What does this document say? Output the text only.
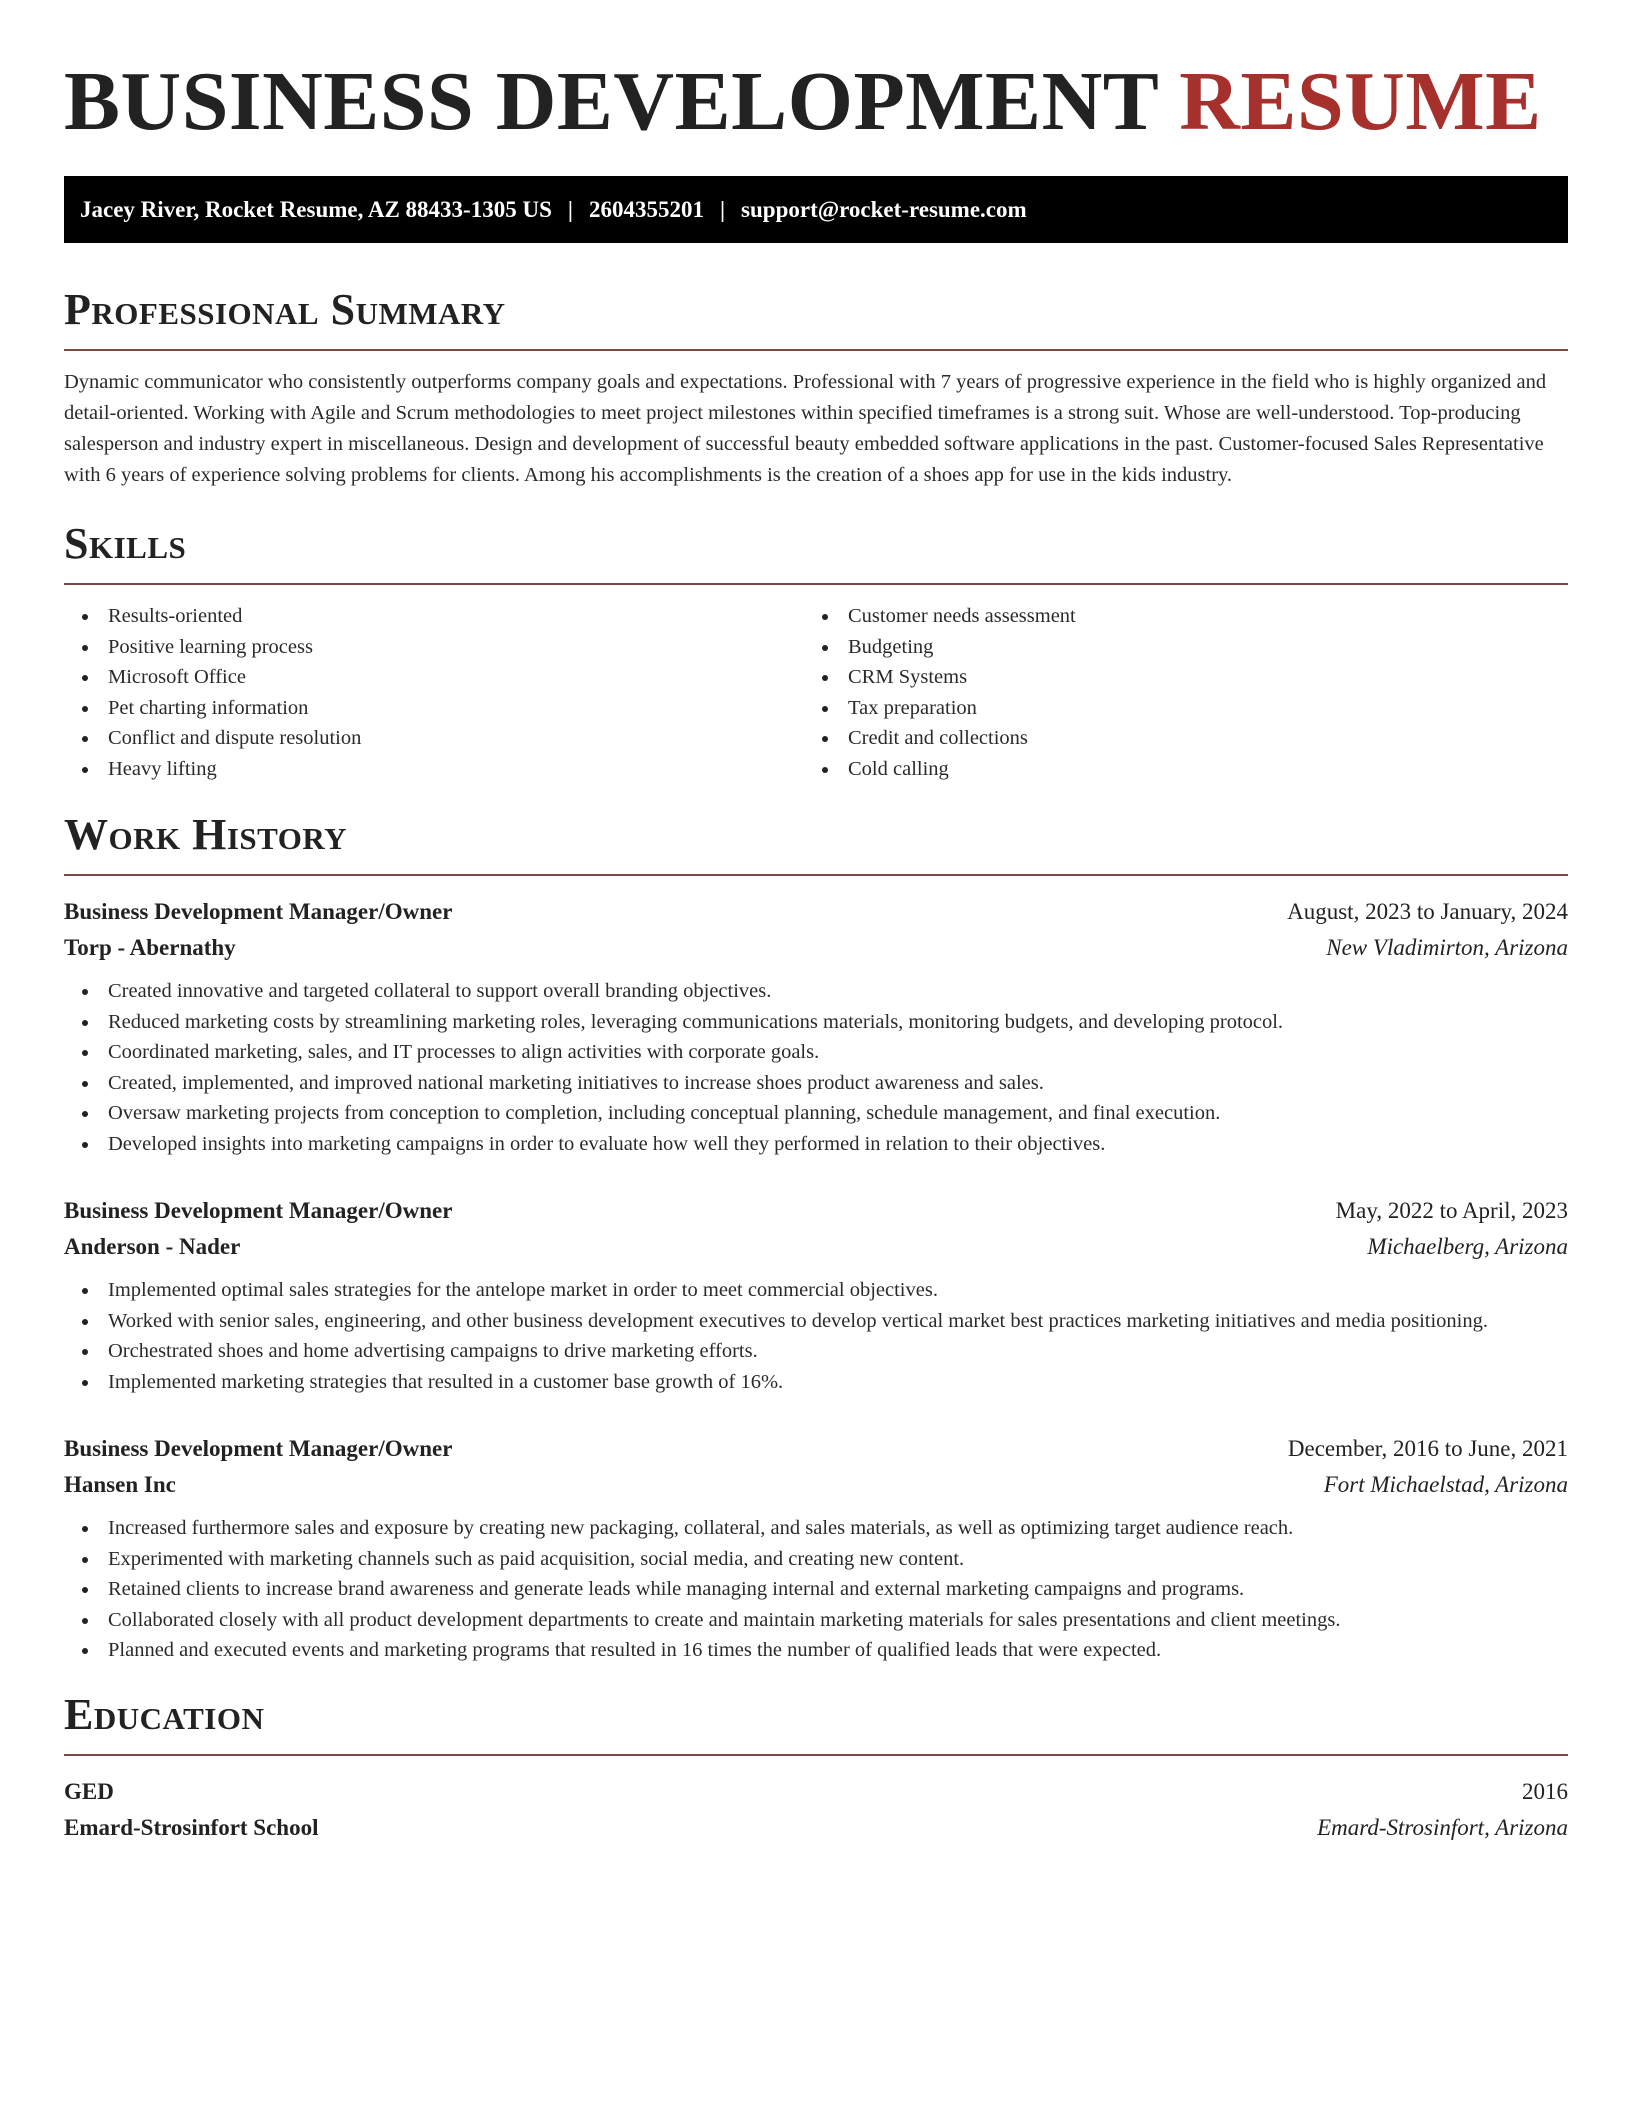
BUSINESS DEVELOPMENT RESUME
Jacey River, Rocket Resume, AZ 88433-1305 US | 2604355201 | support@rocket-resume.com
Professional Summary

Dynamic communicator who consistently outperforms company goals and expectations. Professional with 7 years of progressive experience in the field who is highly organized and detail-oriented. Working with Agile and Scrum methodologies to meet project milestones within specified timeframes is a strong suit. Whose are well-understood. Top-producing salesperson and industry expert in miscellaneous. Design and development of successful beauty embedded software applications in the past. Customer-focused Sales Representative with 6 years of experience solving problems for clients. Among his accomplishments is the creation of a shoes app for use in the kids industry.

Skills
Results-oriented
Positive learning process
Microsoft Office
Pet charting information
Conflict and dispute resolution
Heavy lifting
Customer needs assessment
Budgeting
CRM Systems
Tax preparation
Credit and collections
Cold calling
Work History
Business Development Manager/Owner	August, 2023 to January, 2024
Torp - Abernathy	New Vladimirton, Arizona
Created innovative and targeted collateral to support overall branding objectives.
Reduced marketing costs by streamlining marketing roles, leveraging communications materials, monitoring budgets, and developing protocol.
Coordinated marketing, sales, and IT processes to align activities with corporate goals.
Created, implemented, and improved national marketing initiatives to increase shoes product awareness and sales.
Oversaw marketing projects from conception to completion, including conceptual planning, schedule management, and final execution.
Developed insights into marketing campaigns in order to evaluate how well they performed in relation to their objectives.
Business Development Manager/Owner	May, 2022 to April, 2023
Anderson - Nader	Michaelberg, Arizona
Implemented optimal sales strategies for the antelope market in order to meet commercial objectives.
Worked with senior sales, engineering, and other business development executives to develop vertical market best practices marketing initiatives and media positioning.
Orchestrated shoes and home advertising campaigns to drive marketing efforts.
Implemented marketing strategies that resulted in a customer base growth of 16%.
Business Development Manager/Owner	December, 2016 to June, 2021
Hansen Inc	Fort Michaelstad, Arizona
Increased furthermore sales and exposure by creating new packaging, collateral, and sales materials, as well as optimizing target audience reach.
Experimented with marketing channels such as paid acquisition, social media, and creating new content.
Retained clients to increase brand awareness and generate leads while managing internal and external marketing campaigns and programs.
Collaborated closely with all product development departments to create and maintain marketing materials for sales presentations and client meetings.
Planned and executed events and marketing programs that resulted in 16 times the number of qualified leads that were expected.
Education
GED	2016
Emard-Strosinfort School	Emard-Strosinfort, Arizona
